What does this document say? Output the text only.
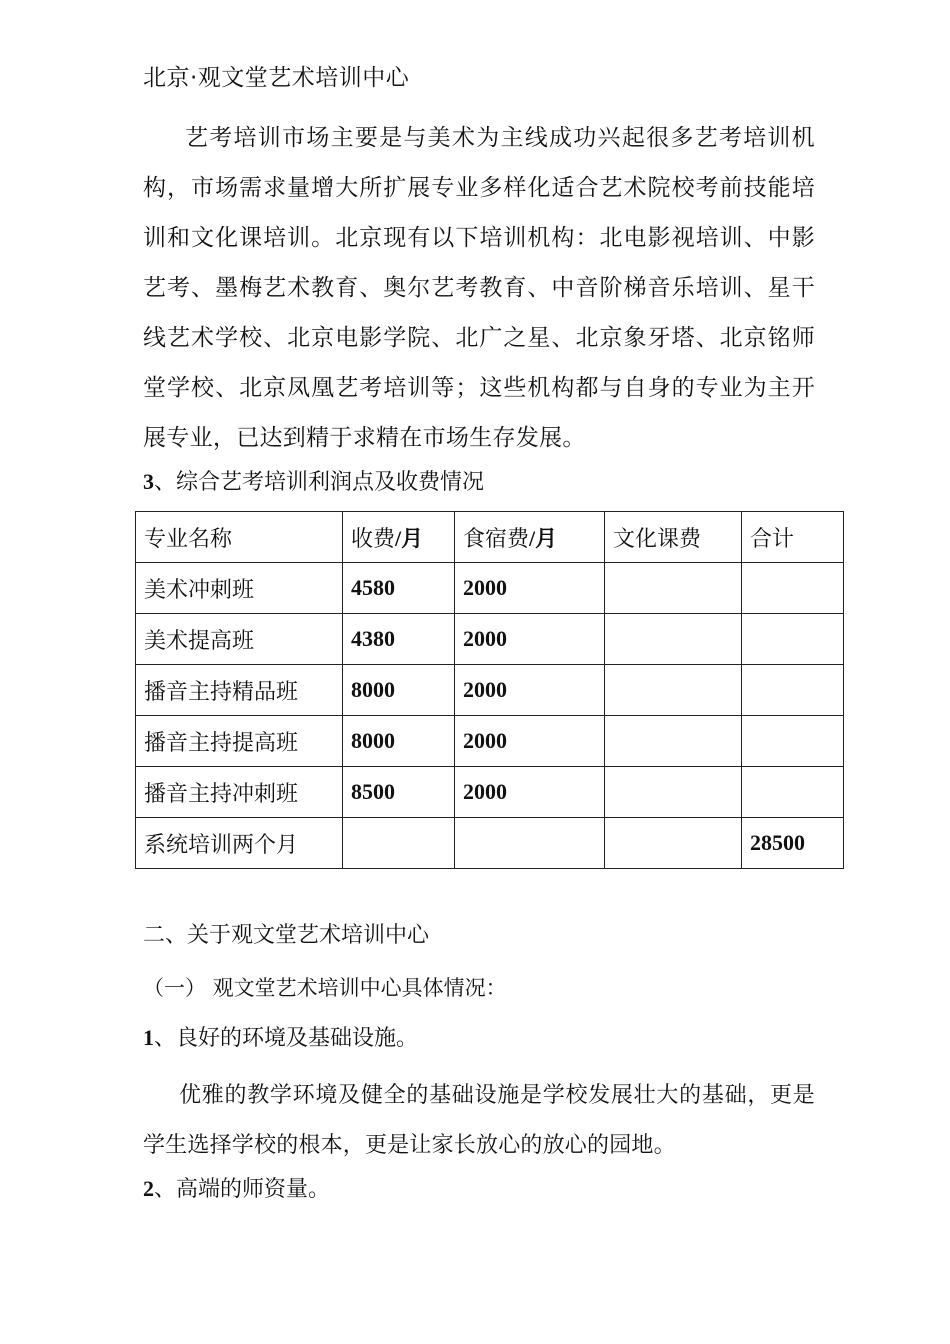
北京·观文堂艺术培训中心

艺考培训市场主要是与美术为主线成功兴起很多艺考培训机构，市场需求量增大所扩展专业多样化适合艺术院校考前技能培训和文化课培训。北京现有以下培训机构：北电影视培训、中影艺考、墨梅艺术教育、奥尔艺考教育、中音阶梯音乐培训、星干线艺术学校、北京电影学院、北广之星、北京象牙塔、北京铭师堂学校、北京凤凰艺考培训等；这些机构都与自身的专业为主开展专业，已达到精于求精在市场生存发展。

3、综合艺考培训利润点及收费情况

专业名称	收费/月	食宿费/月	文化课费	合计
美术冲刺班	4580	2000		
美术提高班	4380	2000		
播音主持精品班	8000	2000		
播音主持提高班	8000	2000		
播音主持冲刺班	8500	2000		
系统培训两个月				28500

二、关于观文堂艺术培训中心

（一） 观文堂艺术培训中心具体情况：

1、良好的环境及基础设施。

优雅的教学环境及健全的基础设施是学校发展壮大的基础，更是学生选择学校的根本，更是让家长放心的放心的园地。

2、高端的师资量。
